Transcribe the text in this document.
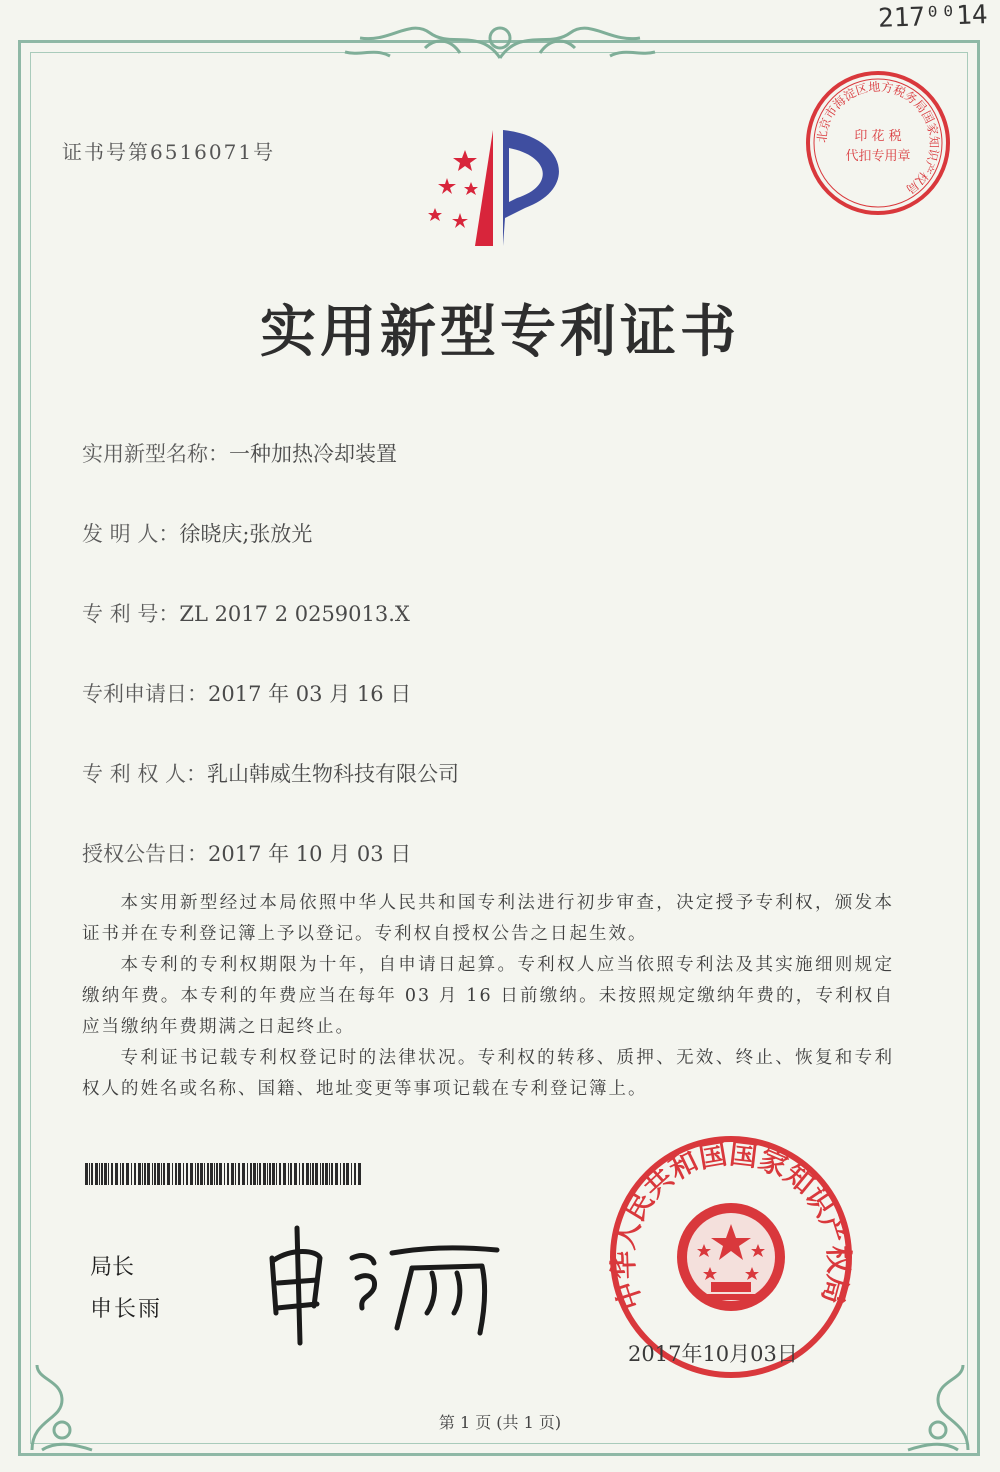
217⁰⁰14
证书号第6516071号
北京市海淀区地方税务局国家知识产权局
印 花 税
代扣专用章
实用新型专利证书
实用新型名称：一种加热冷却装置
发 明 人：徐晓庆;张放光
专 利 号：ZL 2017 2 0259013.X
专利申请日：2017 年 03 月 16 日
专 利 权 人：乳山韩威生物科技有限公司
授权公告日：2017 年 10 月 03 日

本实用新型经过本局依照中华人民共和国专利法进行初步审查，决定授予专利权，颁发本证书并在专利登记簿上予以登记。专利权自授权公告之日起生效。

本专利的专利权期限为十年，自申请日起算。专利权人应当依照专利法及其实施细则规定缴纳年费。本专利的年费应当在每年 03 月 16 日前缴纳。未按照规定缴纳年费的，专利权自应当缴纳年费期满之日起终止。

专利证书记载专利权登记时的法律状况。专利权的转移、质押、无效、终止、恢复和专利权人的姓名或名称、国籍、地址变更等事项记载在专利登记簿上。

局长
申长雨	中华人民共和国国家知识产权局
2017年10月03日
第 1 页 (共 1 页)
